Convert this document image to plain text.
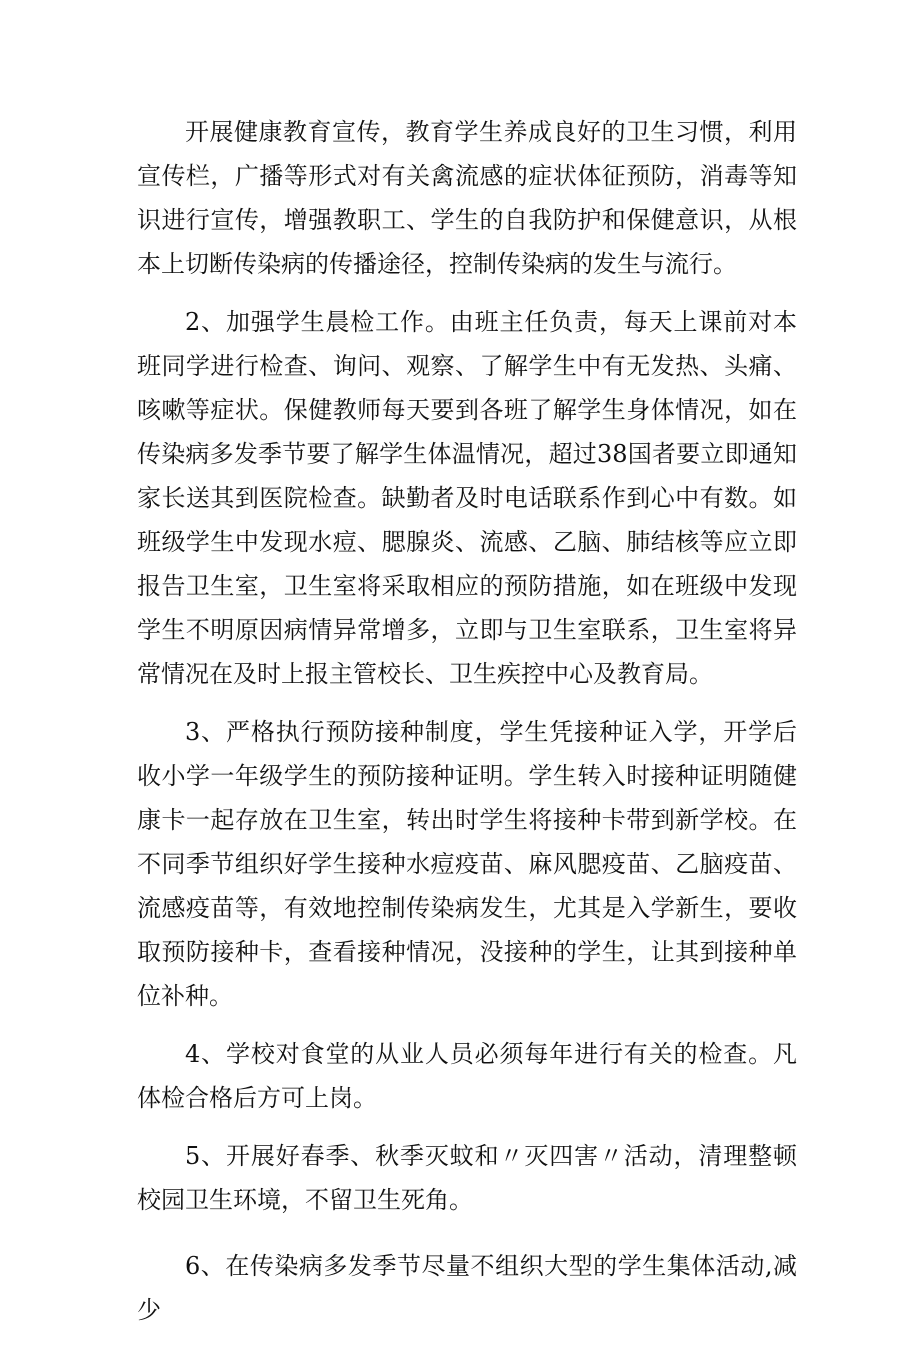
开展健康教育宣传，教育学生养成良好的卫生习惯，利用宣传栏，广播等形式对有关禽流感的症状体征预防，消毒等知识进行宣传，增强教职工、学生的自我防护和保健意识，从根本上切断传染病的传播途径，控制传染病的发生与流行。

2、加强学生晨检工作。由班主任负责，每天上课前对本班同学进行检查、询问、观察、了解学生中有无发热、头痛、咳嗽等症状。保健教师每天要到各班了解学生身体情况，如在传染病多发季节要了解学生体温情况，超过38国者要立即通知家长送其到医院检查。缺勤者及时电话联系作到心中有数。如班级学生中发现水痘、腮腺炎、流感、乙脑、肺结核等应立即报告卫生室，卫生室将采取相应的预防措施，如在班级中发现学生不明原因病情异常增多，立即与卫生室联系，卫生室将异常情况在及时上报主管校长、卫生疾控中心及教育局。

3、严格执行预防接种制度，学生凭接种证入学，开学后收小学一年级学生的预防接种证明。学生转入时接种证明随健康卡一起存放在卫生室，转出时学生将接种卡带到新学校。在不同季节组织好学生接种水痘疫苗、麻风腮疫苗、乙脑疫苗、流感疫苗等，有效地控制传染病发生，尤其是入学新生，要收取预防接种卡，查看接种情况，没接种的学生，让其到接种单位补种。

4、学校对食堂的从业人员必须每年进行有关的检查。凡体检合格后方可上岗。

5、开展好春季、秋季灭蚊和〃灭四害〃活动，清理整顿校园卫生环境，不留卫生死角。

6、在传染病多发季节尽量不组织大型的学生集体活动,减少
